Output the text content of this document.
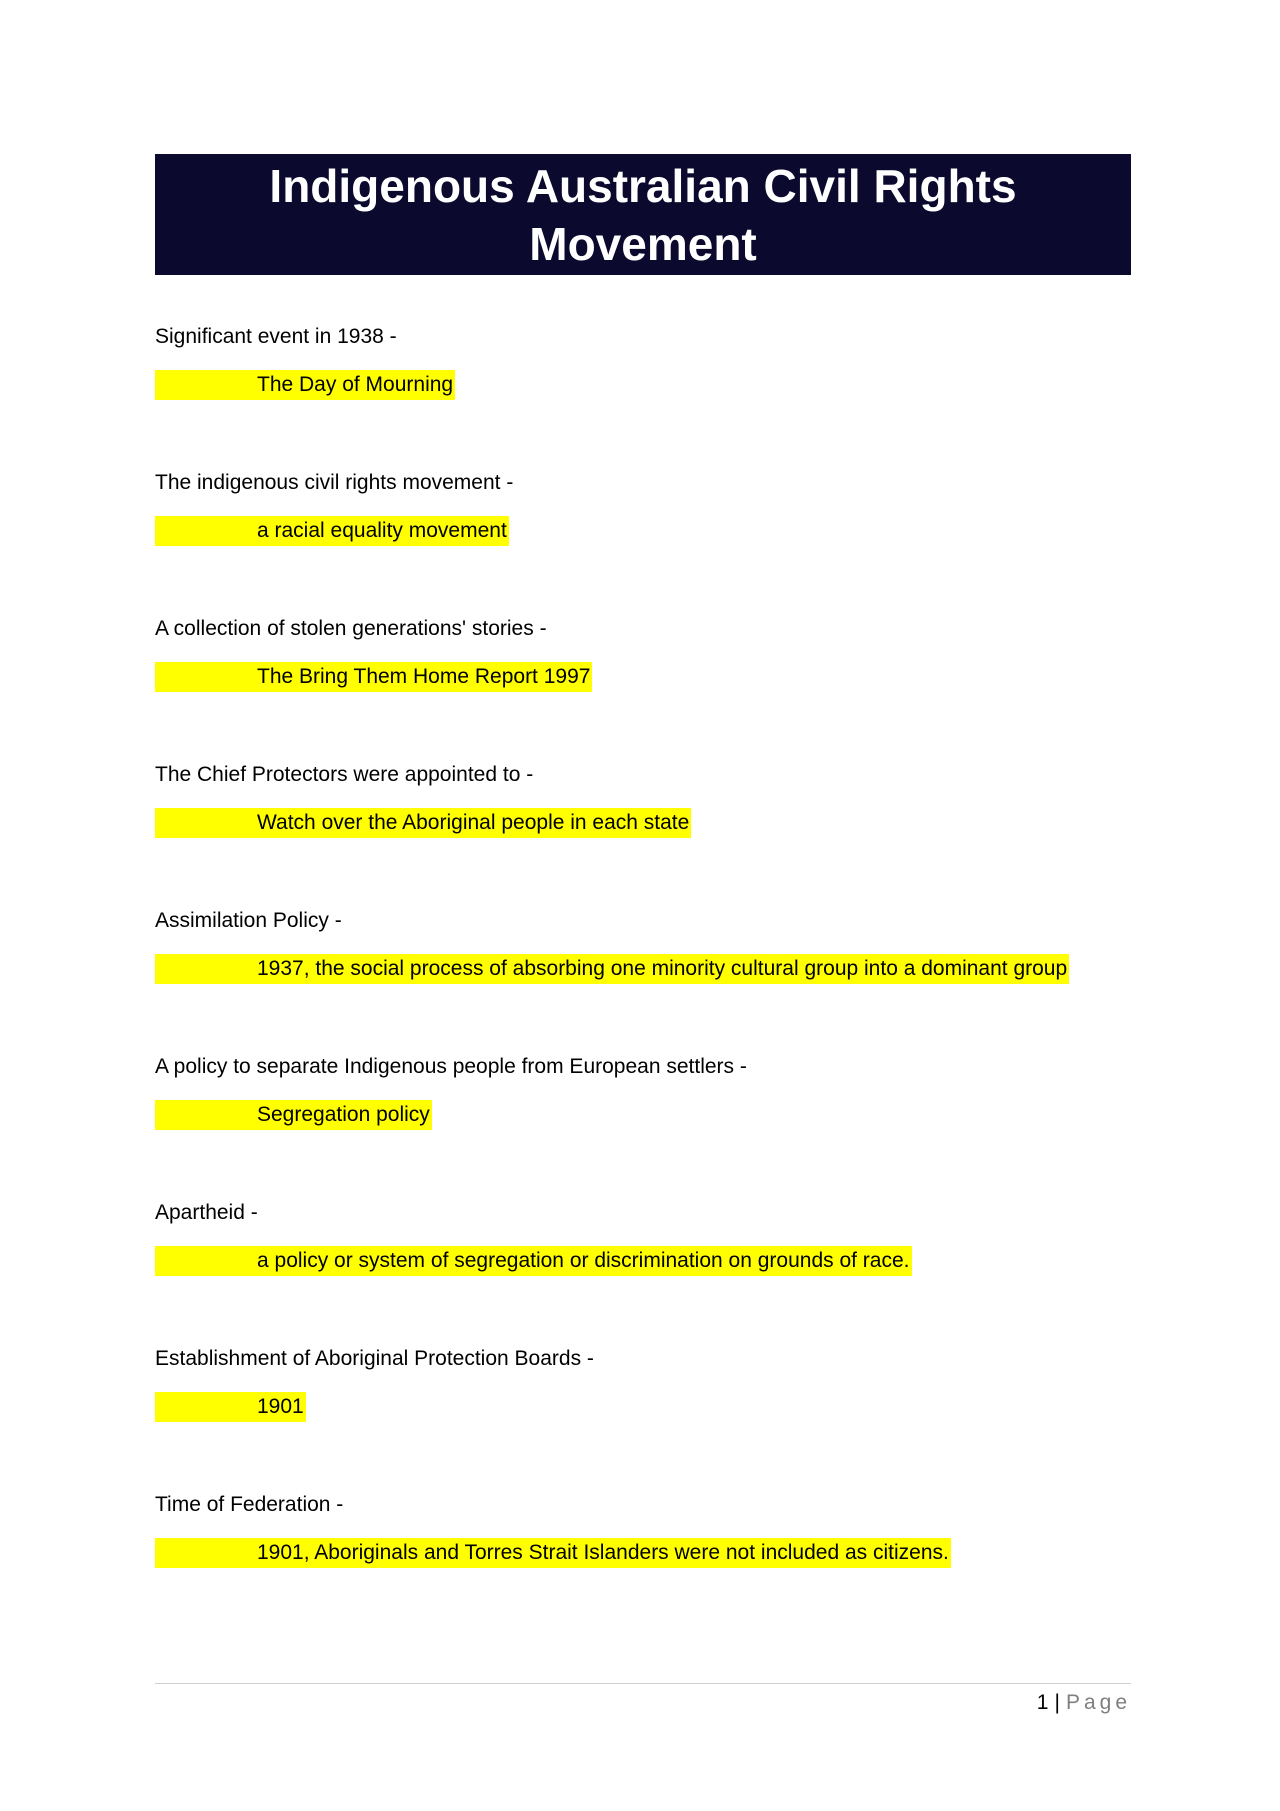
Indigenous Australian Civil Rights Movement
Significant event in 1938 -
The Day of Mourning
The indigenous civil rights movement -
a racial equality movement
A collection of stolen generations' stories -
The Bring Them Home Report 1997
The Chief Protectors were appointed to -
Watch over the Aboriginal people in each state
Assimilation Policy -
1937, the social process of absorbing one minority cultural group into a dominant group
A policy to separate Indigenous people from European settlers -
Segregation policy
Apartheid -
a policy or system of segregation or discrimination on grounds of race.
Establishment of Aboriginal Protection Boards -
1901
Time of Federation -
1901, Aboriginals and Torres Strait Islanders were not included as citizens.
1 | Page
